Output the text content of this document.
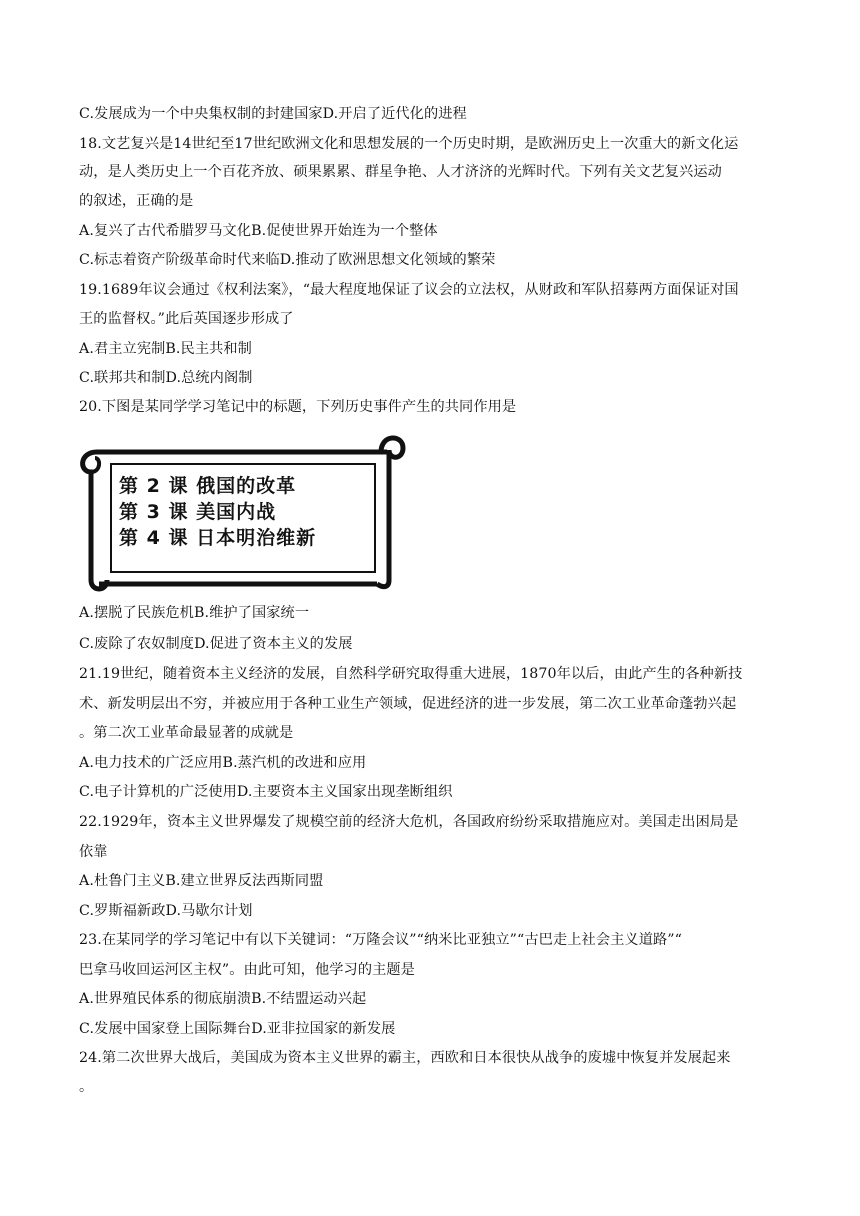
C.发展成为一个中央集权制的封建国家D.开启了近代化的进程
18.文艺复兴是14世纪至17世纪欧洲文化和思想发展的一个历史时期，是欧洲历史上一次重大的新文化运
动，是人类历史上一个百花齐放、硕果累累、群星争艳、人才济济的光辉时代。下列有关文艺复兴运动
的叙述，正确的是
A.复兴了古代希腊罗马文化B.促使世界开始连为一个整体
C.标志着资产阶级革命时代来临D.推动了欧洲思想文化领域的繁荣
19.1689年议会通过《权利法案》，“最大程度地保证了议会的立法权，从财政和军队招募两方面保证对国
王的监督权。”此后英国逐步形成了
A.君主立宪制B.民主共和制
C.联邦共和制D.总统内阁制
20.下图是某同学学习笔记中的标题，下列历史事件产生的共同作用是
第 2 课 俄国的改革
第 3 课 美国内战
第 4 课 日本明治维新
A.摆脱了民族危机B.维护了国家统一
C.废除了农奴制度D.促进了资本主义的发展
21.19世纪，随着资本主义经济的发展，自然科学研究取得重大进展，1870年以后，由此产生的各种新技
术、新发明层出不穷，并被应用于各种工业生产领域，促进经济的进一步发展，第二次工业革命蓬勃兴起
。第二次工业革命最显著的成就是
A.电力技术的广泛应用B.蒸汽机的改进和应用
C.电子计算机的广泛使用D.主要资本主义国家出现垄断组织
22.1929年，资本主义世界爆发了规模空前的经济大危机，各国政府纷纷采取措施应对。美国走出困局是
依靠
A.杜鲁门主义B.建立世界反法西斯同盟
C.罗斯福新政D.马歇尔计划
23.在某同学的学习笔记中有以下关键词：“万隆会议”“纳米比亚独立”“古巴走上社会主义道路”“
巴拿马收回运河区主权”。由此可知，他学习的主题是
A.世界殖民体系的彻底崩溃B.不结盟运动兴起
C.发展中国家登上国际舞台D.亚非拉国家的新发展
24.第二次世界大战后，美国成为资本主义世界的霸主，西欧和日本很快从战争的废墟中恢复并发展起来
。
